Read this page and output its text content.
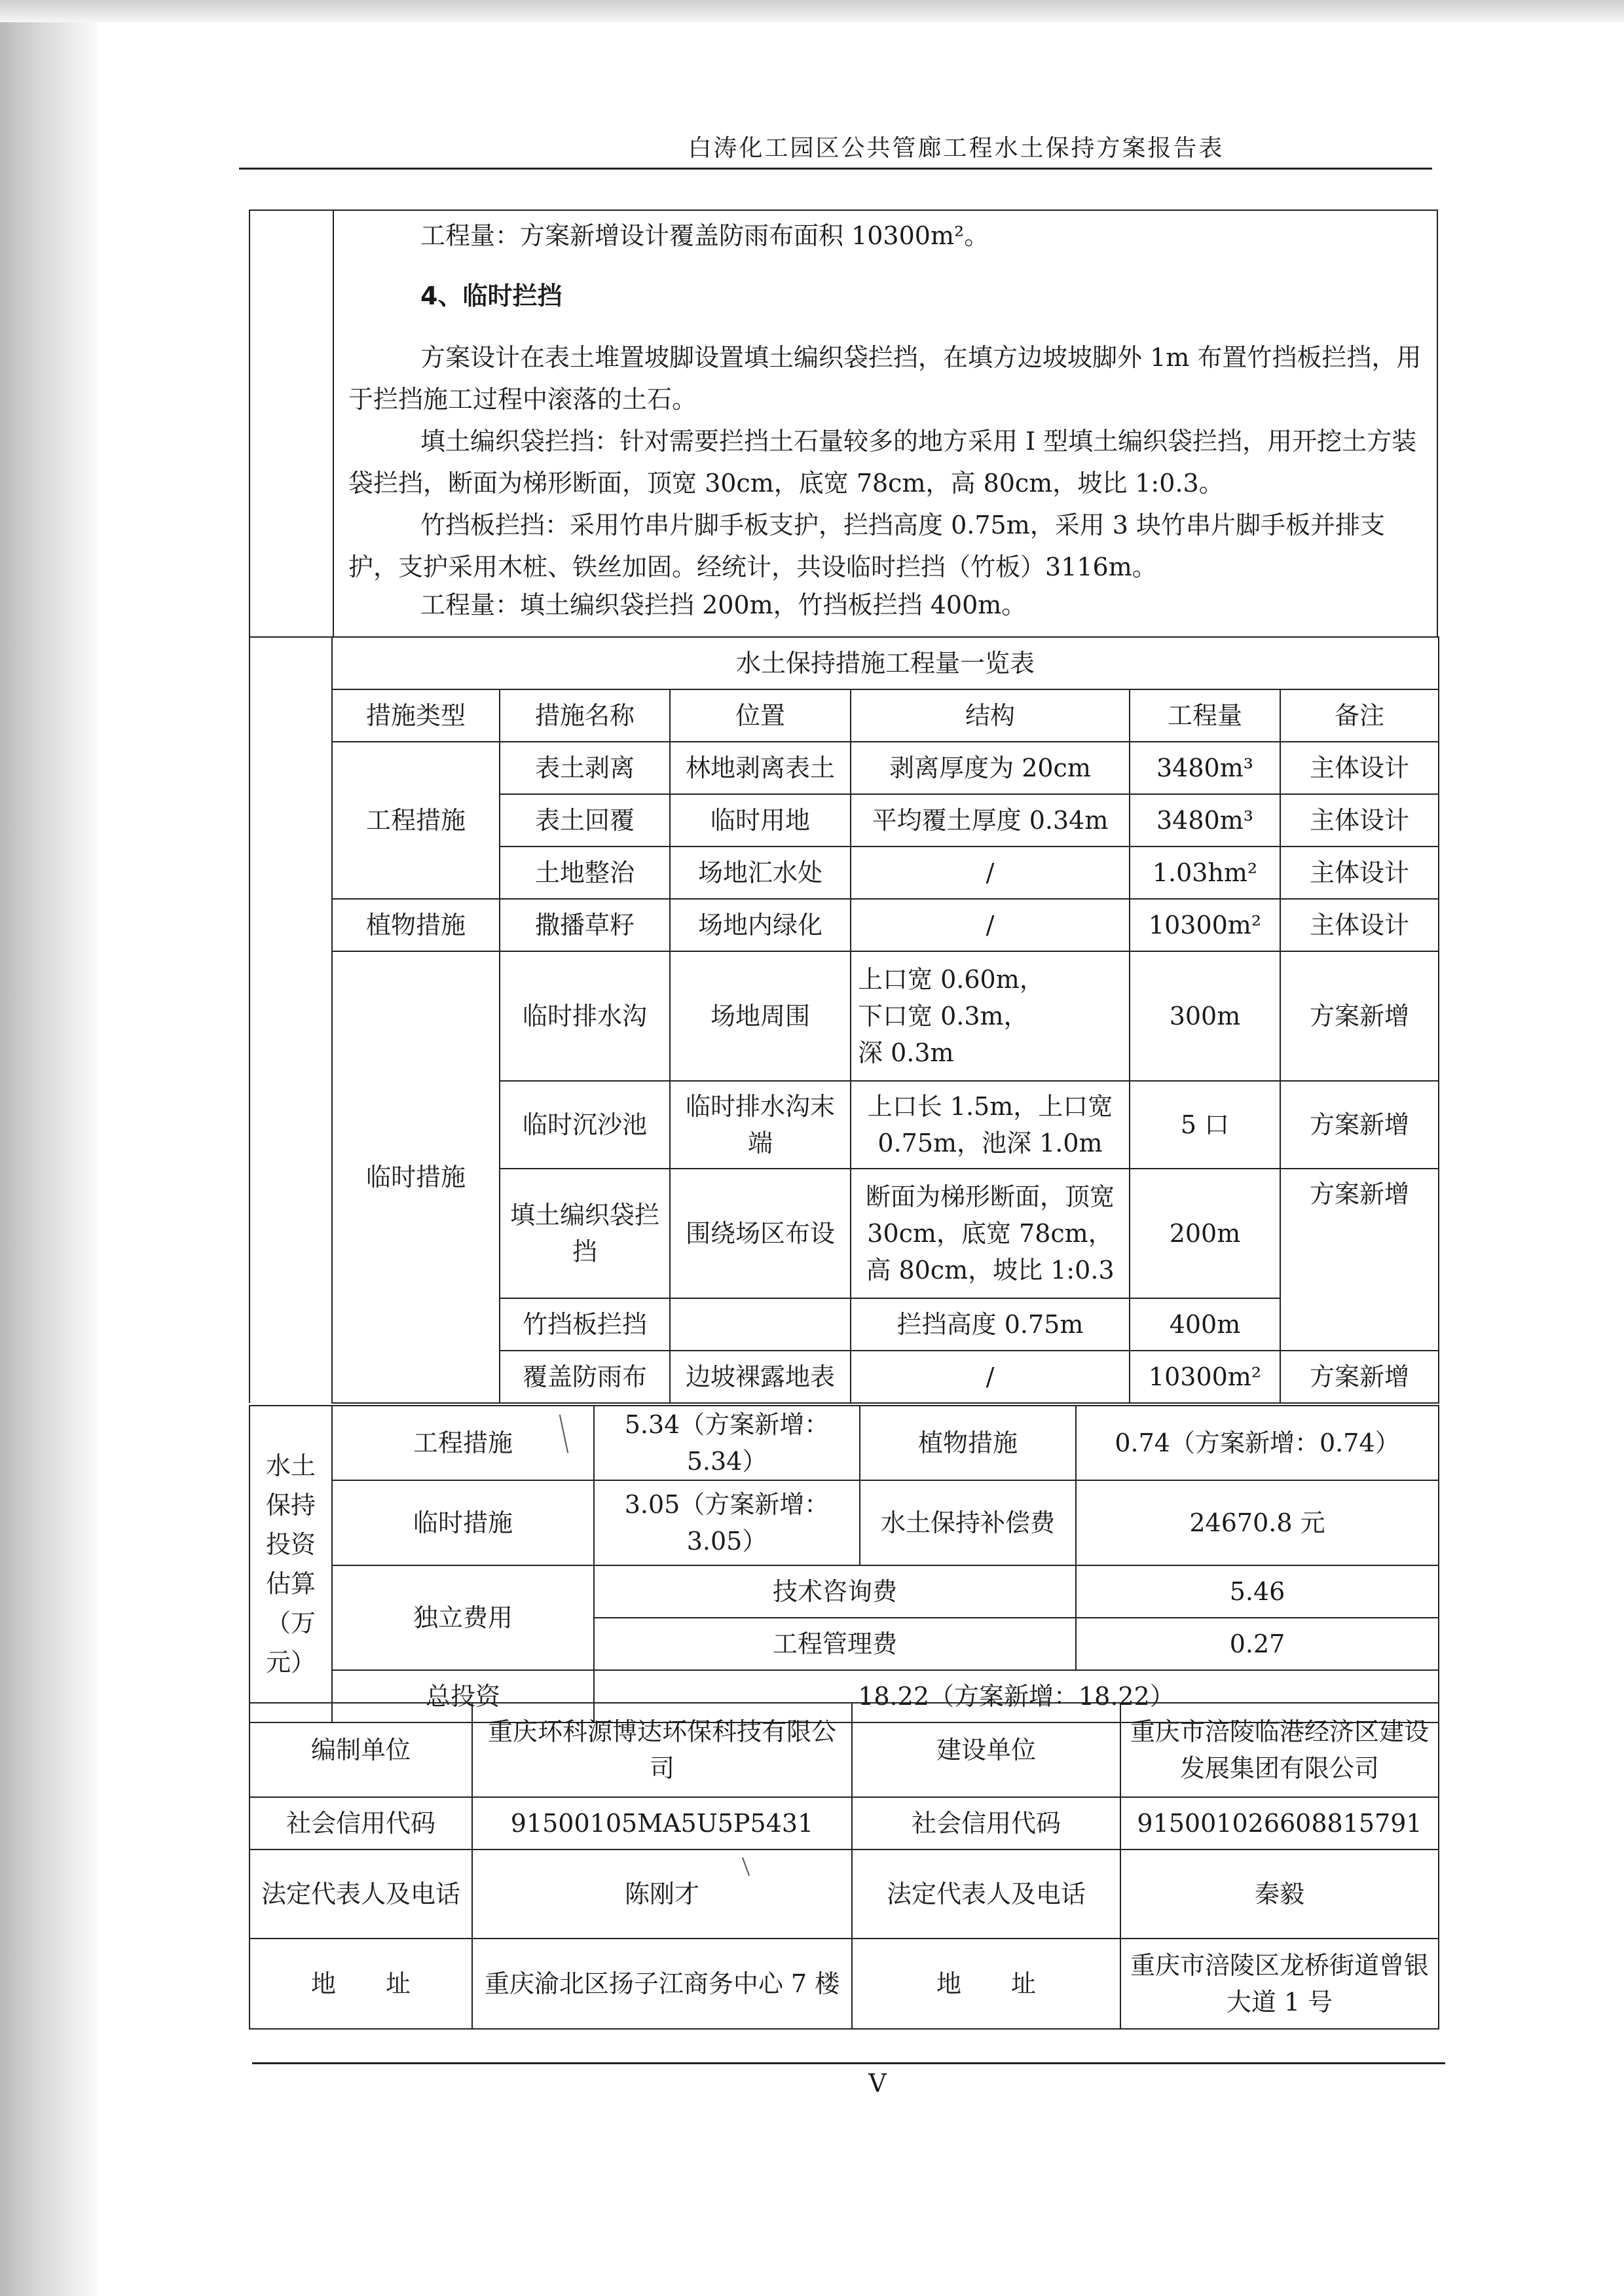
白涛化工园区公共管廊工程水土保持方案报告表

工程量：方案新增设计覆盖防雨布面积 10300m²。

4、临时拦挡

方案设计在表土堆置坡脚设置填土编织袋拦挡，在填方边坡坡脚外 1m 布置竹挡板拦挡，用于拦挡施工过程中滚落的土石。

填土编织袋拦挡：针对需要拦挡土石量较多的地方采用 I 型填土编织袋拦挡，用开挖土方装袋拦挡，断面为梯形断面，顶宽 30cm，底宽 78cm，高 80cm，坡比 1:0.3。

竹挡板拦挡：采用竹串片脚手板支护，拦挡高度 0.75m，采用 3 块竹串片脚手板并排支护，支护采用木桩、铁丝加固。经统计，共设临时拦挡（竹板）3116m。

工程量：填土编织袋拦挡 200m，竹挡板拦挡 400m。

	水土保持措施工程量一览表					
	措施类型	措施名称	位置	结构	工程量	备注
	工程措施	表土剥离	林地剥离表土	剥离厚度为 20cm	3480m³	主体设计
		表土回覆	临时用地	平均覆土厚度 0.34m	3480m³	主体设计
		土地整治	场地汇水处	/	1.03hm²	主体设计
	植物措施	撒播草籽	场地内绿化	/	10300m²	主体设计
	临时措施	临时排水沟	场地周围	上口宽 0.60m，
下口宽 0.3m，
深 0.3m	300m	方案新增
		临时沉沙池	临时排水沟末端	上口长 1.5m，上口宽 0.75m，池深 1.0m	5 口	方案新增
		填土编织袋拦挡	围绕场区布设	断面为梯形断面，顶宽 30cm，底宽 78cm，高 80cm，坡比 1:0.3	200m	方案新增
		竹挡板拦挡		拦挡高度 0.75m	400m	
		覆盖防雨布	边坡裸露地表	/	10300m²	方案新增
水土保持投资估算（万元）	工程措施	5.34（方案新增：5.34）	植物措施	0.74（方案新增：0.74）
	临时措施	3.05（方案新增：3.05）	水土保持补偿费	24670.8 元
	独立费用	技术咨询费		5.46
		工程管理费		0.27
	总投资	18.22（方案新增：18.22）		
编制单位	重庆环科源博达环保科技有限公司	建设单位	重庆市涪陵临港经济区建设发展集团有限公司
社会信用代码	91500105MA5U5P5431	社会信用代码	915001026608815791
法定代表人及电话	陈刚才	法定代表人及电话	秦毅
地　　址	重庆渝北区扬子江商务中心 7 楼	地　　址	重庆市涪陵区龙桥街道曾银大道 1 号
V
